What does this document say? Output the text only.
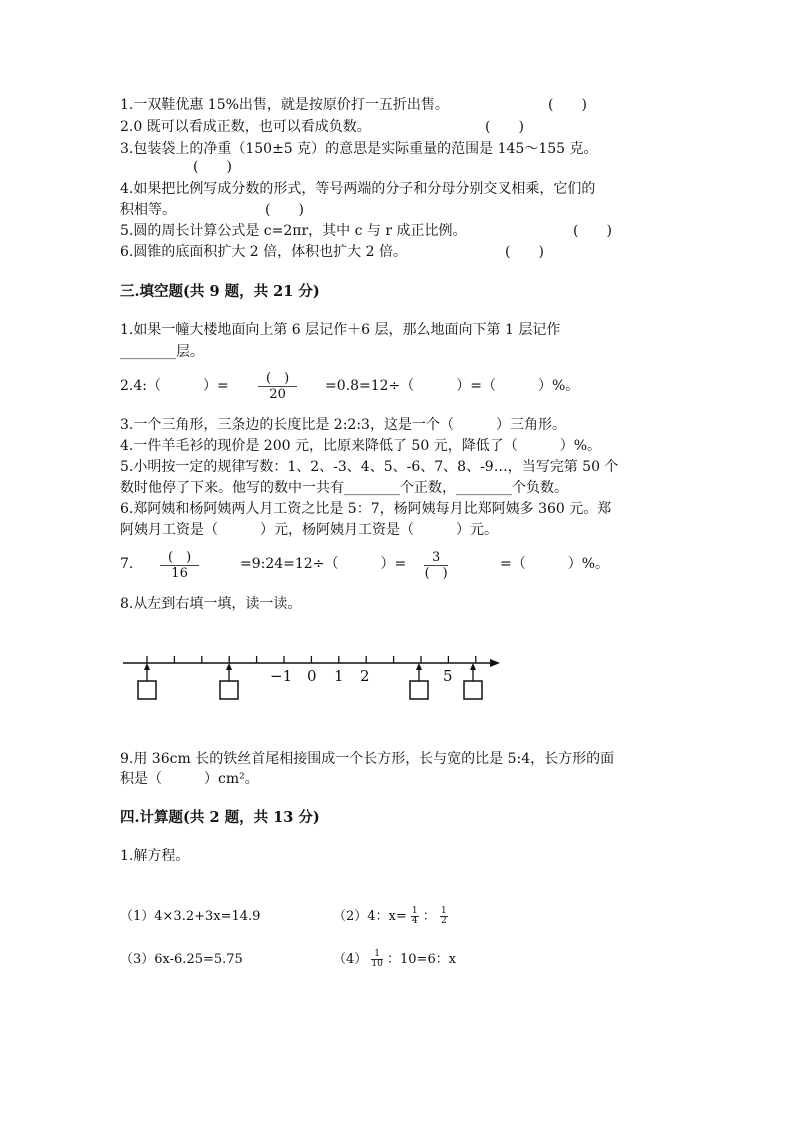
1.一双鞋优惠 15%出售，就是按原价打一五折出售。	(　　)
2.0 既可以看成正数，也可以看成负数。	(　　)
3.包装袋上的净重（150±5 克）的意思是实际重量的范围是 145～155 克。
(　　)
4.如果把比例写成分数的形式，等号两端的分子和分母分别交叉相乘，它们的
积相等。	(　　)
5.圆的周长计算公式是 c=2πr，其中 c 与 r 成正比例。	(　　)
6.圆锥的底面积扩大 2 倍，体积也扩大 2 倍。	(　　)
三.填空题(共 9 题，共 21 分)
1.如果一幢大楼地面向上第 6 层记作＋6 层，那么地面向下第 1 层记作
________层。
2.4:（　　　）=	(　)
20
=0.8=12÷（　　　）=（　　　）%。
3.一个三角形，三条边的长度比是 2:2:3，这是一个（　　　）三角形。
4.一件羊毛衫的现价是 200 元，比原来降低了 50 元，降低了（　　　）%。
5.小明按一定的规律写数：1、2、-3、4、5、-6、7、8、-9…，当写完第 50 个
数时他停了下来。他写的数中一共有________个正数，________个负数。
6.郑阿姨和杨阿姨两人月工资之比是 5：7，杨阿姨每月比郑阿姨多 360 元。郑
阿姨月工资是（　　　）元，杨阿姨月工资是（　　　）元。
7.	(　)
16
=9:24=12÷（　　　）=	3
(　)
=（　　　）%。
8.从左到右填一填，读一读。
−1 0 1 2	5
9.用 36cm 长的铁丝首尾相接围成一个长方形，长与宽的比是 5:4，长方形的面
积是（　　　）cm²。
四.计算题(共 2 题，共 13 分)
1.解方程。
（1）4×3.2+3x=14.9	（2）4：$x= \frac{1}{4}$ ： $\frac{1}{2}$
（3）6x-6.25=5.75	$(4) \frac{1}{10}$ ：10=6：x
